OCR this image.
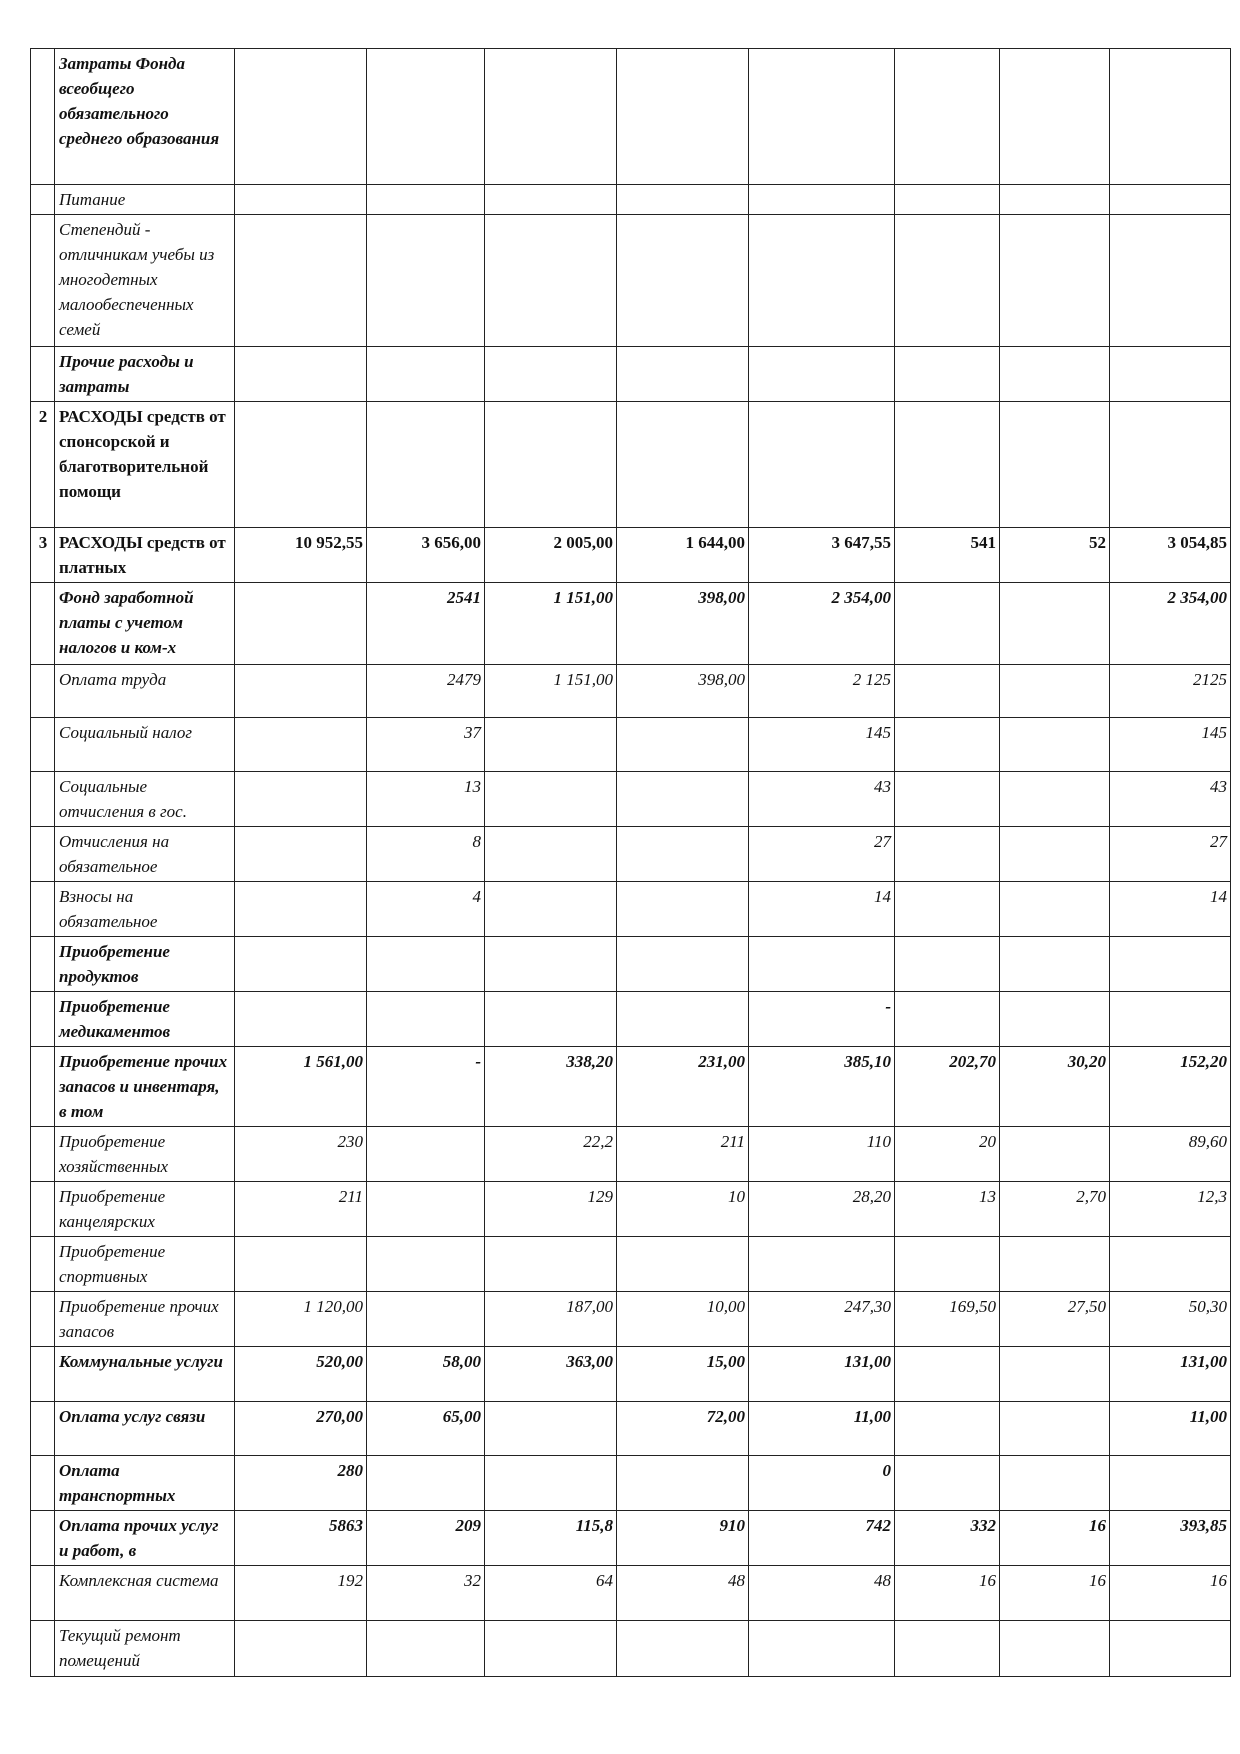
	Затраты Фонда всеобщего обязательного среднего образования								
	Питание								
	Степендий - отличникам учебы из многодетных малообеспеченных семей								
	Прочие расходы и затраты								
2	РАСХОДЫ средств от спонсорской и благотворительной помощи								
3	РАСХОДЫ средств от платных	10 952,55	3 656,00	2 005,00	1 644,00	3 647,55	541	52	3 054,85
	Фонд заработной платы с учетом налогов и ком-х		2541	1 151,00	398,00	2 354,00			2 354,00
	Оплата труда		2479	1 151,00	398,00	2 125			2125
	Социальный налог		37			145			145
	Социальные отчисления в гос.		13			43			43
	Отчисления на обязательное		8			27			27
	Взносы на обязательное		4			14			14
	Приобретение продуктов								
	Приобретение медикаментов					-			
	Приобретение прочих запасов и инвентаря, в том	1 561,00	-	338,20	231,00	385,10	202,70	30,20	152,20
	Приобретение хозяйственных	230		22,2	211	110	20		89,60
	Приобретение канцелярских	211		129	10	28,20	13	2,70	12,3
	Приобретение спортивных								
	Приобретение прочих запасов	1 120,00		187,00	10,00	247,30	169,50	27,50	50,30
	Коммунальные услуги	520,00	58,00	363,00	15,00	131,00			131,00
	Оплата услуг связи	270,00	65,00		72,00	11,00			11,00
	Оплата транспортных	280				0			
	Оплата прочих услуг и работ, в	5863	209	115,8	910	742	332	16	393,85
	Комплексная система	192	32	64	48	48	16	16	16
	Текущий ремонт помещений								
